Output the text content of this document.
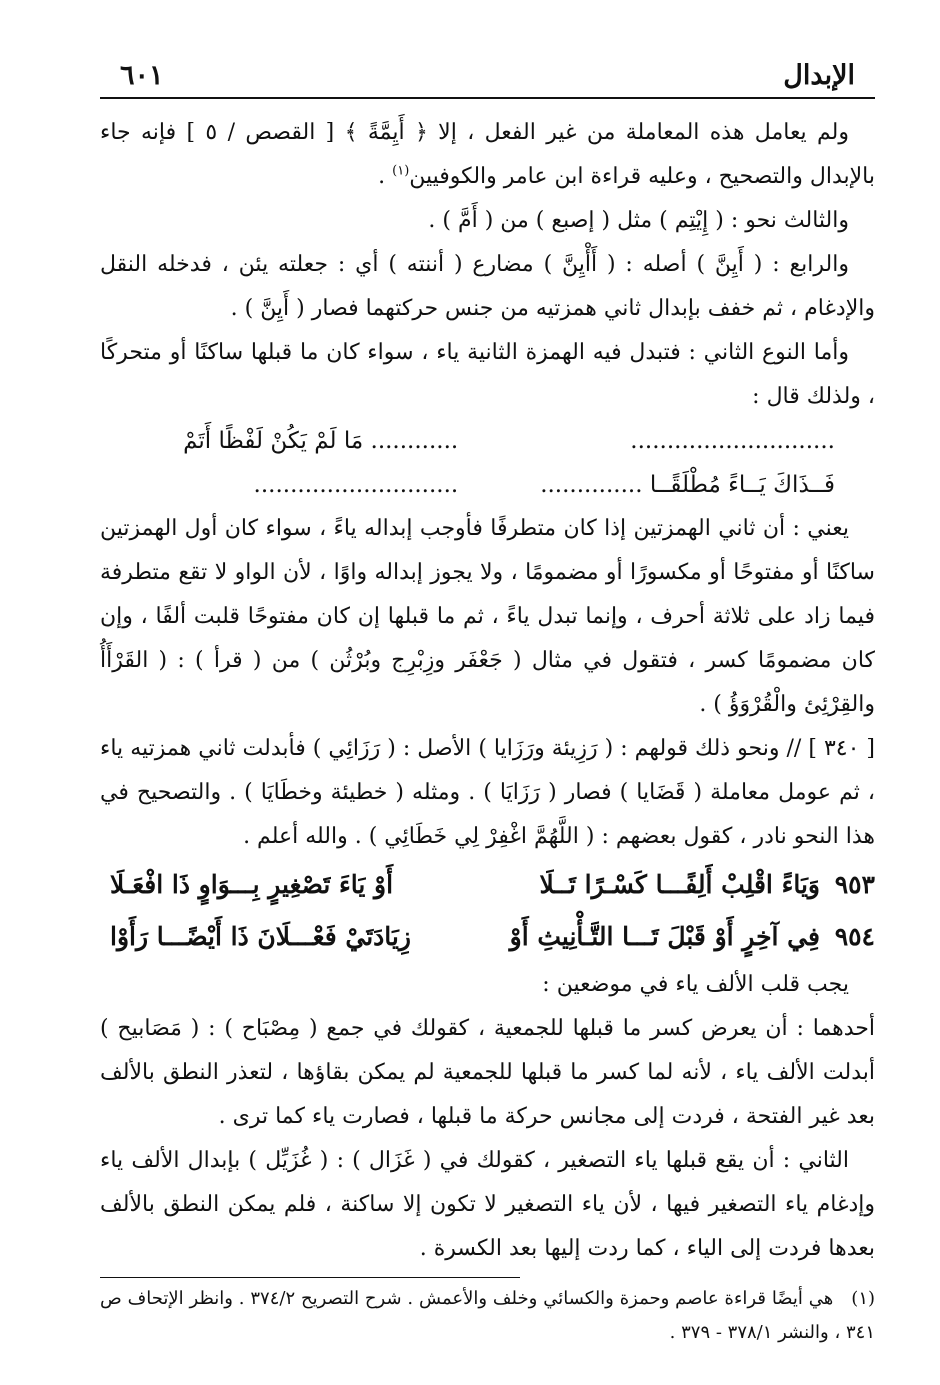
الإبدال
٦٠١

ولم يعامل هذه المعاملة من غير الفعل ، إلا ﴿ أَيِمَّةً ﴾ [ القصص / ٥ ] فإنه جاء بالإبدال والتصحيح ، وعليه قراءة ابن عامر والكوفيين$^{(١)}$ .

والثالث نحو : ( إِيْتِم ) مثل ( إصبع ) من ( أَمَّ ) .

والرابع : ( أَيِنَّ ) أصله : ( أَأْيِنَّ ) مضارع ( أننته ) أي : جعلته يئن ، فدخله النقل والإدغام ، ثم خفف بإبدال ثاني همزتيه من جنس حركتهما فصار ( أَيِنَّ ) .

وأما النوع الثاني : فتبدل فيه الهمزة الثانية ياء ، سواء كان ما قبلها ساكنًا أو متحركًا ، ولذلك قال :

............................
............ مَا لَمْ يَكُنْ لَفْظًا أَتَمْ
فَــذَاكَ يَــاءً مُطْلَقًــا ..............
............................

يعني : أن ثاني الهمزتين إذا كان متطرفًا فأوجب إبداله ياءً ، سواء كان أول الهمزتين ساكنًا أو مفتوحًا أو مكسورًا أو مضمومًا ، ولا يجوز إبداله واوًا ، لأن الواو لا تقع متطرفة فيما زاد على ثلاثة أحرف ، وإنما تبدل ياءً ، ثم ما قبلها إن كان مفتوحًا قلبت ألفًا ، وإن كان مضمومًا كسر ، فتقول في مثال ( جَعْفَر وزِبْرِج وبُرْثُن ) من ( قرأ ) : ( القَرْأَأُ والقِرْئِئ والْقُرْوَؤُ ) .

[ ٣٤٠ ] // ونحو ذلك قولهم : ( رَزِيئة ورَزَايا ) الأصل : ( رَزَائِي ) فأبدلت ثاني همزتيه ياء ، ثم عومل معاملة ( قَضَايا ) فصار ( رَزَايَا ) . ومثله ( خطيئة وخطَايَا ) . والتصحيح في هذا النحو نادر ، كقول بعضهم : ( اللَّهُمَّ اغْفِرْ لِي خَطَائِي ) . والله أعلم .

٩٥٣ وَيَاءً اقْلِبْ أَلِفًـــا كَسْـرًا تَــلَا
أَوْ يَاءَ تَصْغِيرٍ بِـــوَاوٍ ذَا افْعَـلَا
٩٥٤ فِي آخِرٍ أَوْ قَبْلَ تَـــا التَّـأْنِيثِ أَوْ
زِيَادَتَيْ فَعْـــلَانَ ذَا أَيْضًـــا رَأَوْا

يجب قلب الألف ياء في موضعين :

أحدهما : أن يعرض كسر ما قبلها للجمعية ، كقولك في جمع ( مِصْبَاح ) : ( مَصَابيح ) أبدلت الألف ياء ، لأنه لما كسر ما قبلها للجمعية لم يمكن بقاؤها ، لتعذر النطق بالألف بعد غير الفتحة ، فردت إلى مجانس حركة ما قبلها ، فصارت ياء كما ترى .

الثاني : أن يقع قبلها ياء التصغير ، كقولك في ( غَزَال ) : ( غُزَيِّل ) بإبدال الألف ياء وإدغام ياء التصغير فيها ، لأن ياء التصغير لا تكون إلا ساكنة ، فلم يمكن النطق بالألف بعدها فردت إلى الياء ، كما ردت إليها بعد الكسرة .

(١)هي أيضًا قراءة عاصم وحمزة والكسائي وخلف والأعمش . شرح التصريح ٣٧٤/٢ . وانظر الإتحاف ص ٣٤١ ، والنشر ٣٧٨/١ - ٣٧٩ .
